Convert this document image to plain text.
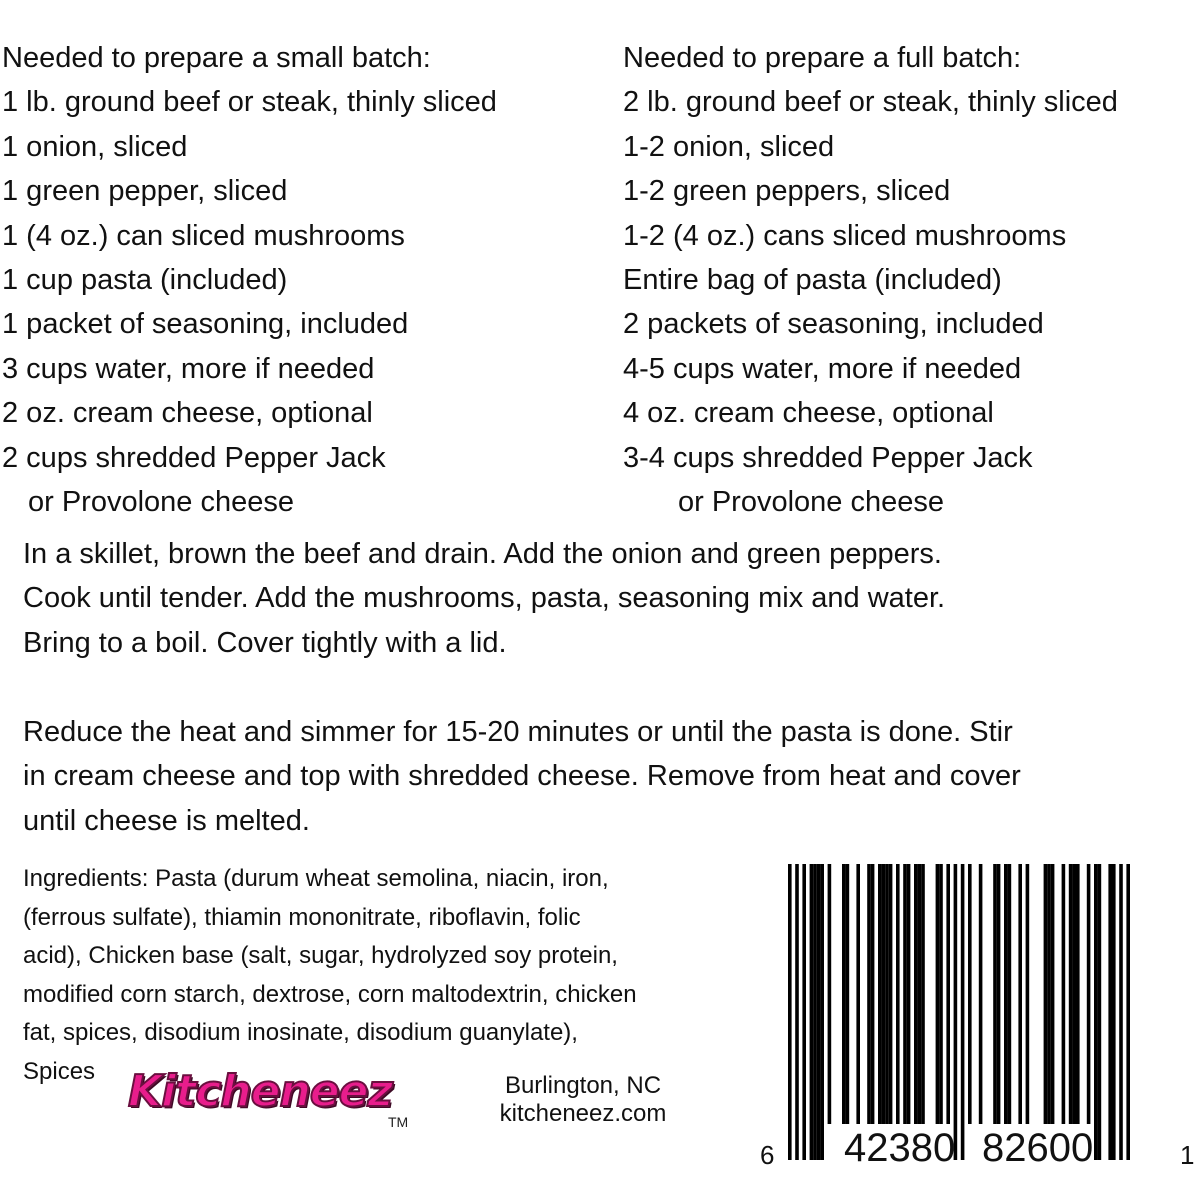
Needed to prepare a small batch:
1 lb. ground beef or steak, thinly sliced
1 onion, sliced
1 green pepper, sliced
1 (4 oz.) can sliced mushrooms
1 cup pasta (included)
1 packet of seasoning, included
3 cups water, more if needed
2 oz. cream cheese, optional
2 cups shredded Pepper Jack
or Provolone cheese
Needed to prepare a full batch:
2 lb. ground beef or steak, thinly sliced
1-2 onion, sliced
1-2 green peppers, sliced
1-2 (4 oz.) cans sliced mushrooms
Entire bag of pasta (included)
2 packets of seasoning, included
4-5 cups water, more if needed
4 oz. cream cheese, optional
3-4 cups shredded Pepper Jack
or Provolone cheese
In a skillet, brown the beef and drain. Add the onion and green peppers.
Cook until tender. Add the mushrooms, pasta, seasoning mix and water.
Bring to a boil. Cover tightly with a lid.
Reduce the heat and simmer for 15-20 minutes or until the pasta is done. Stir
in cream cheese and top with shredded cheese. Remove from heat and cover
until cheese is melted.
Ingredients: Pasta (durum wheat semolina, niacin, iron,
(ferrous sulfate), thiamin mononitrate, riboflavin, folic
acid), Chicken base (salt, sugar, hydrolyzed soy protein,
modified corn starch, dextrose, corn maltodextrin, chicken
fat, spices, disodium inosinate, disodium guanylate),
Spices Kitcheneez
TM
Burlington, NC
kitcheneez.com
6 42380 82600	1
